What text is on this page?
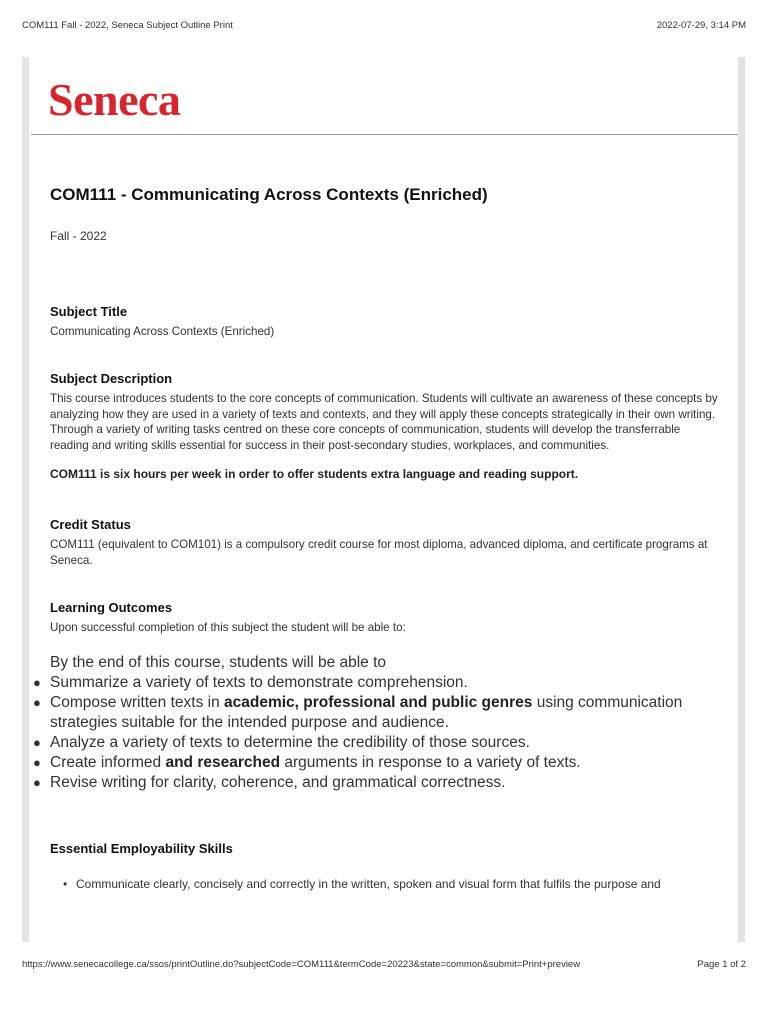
COM111 Fall - 2022, Seneca Subject Outline Print	2022-07-29, 3:14 PM
Seneca
COM111 - Communicating Across Contexts (Enriched)
Fall - 2022
Subject Title
Communicating Across Contexts (Enriched)
Subject Description
This course introduces students to the core concepts of communication. Students will cultivate an awareness of these concepts by analyzing how they are used in a variety of texts and contexts, and they will apply these concepts strategically in their own writing. Through a variety of writing tasks centred on these core concepts of communication, students will develop the transferrable reading and writing skills essential for success in their post-secondary studies, workplaces, and communities.
COM111 is six hours per week in order to offer students extra language and reading support.
Credit Status
COM111 (equivalent to COM101) is a compulsory credit course for most diploma, advanced diploma, and certificate programs at Seneca.
Learning Outcomes
Upon successful completion of this subject the student will be able to:
By the end of this course, students will be able to
● Summarize a variety of texts to demonstrate comprehension.
● Compose written texts in academic, professional and public genres using communication strategies suitable for the intended purpose and audience.
● Analyze a variety of texts to determine the credibility of those sources.
● Create informed and researched arguments in response to a variety of texts.
● Revise writing for clarity, coherence, and grammatical correctness.
Essential Employability Skills
• Communicate clearly, concisely and correctly in the written, spoken and visual form that fulfils the purpose and
https://www.senecacollege.ca/ssos/printOutline.do?subjectCode=COM111&termCode=20223&state=common&submit=Print+preview	Page 1 of 2
